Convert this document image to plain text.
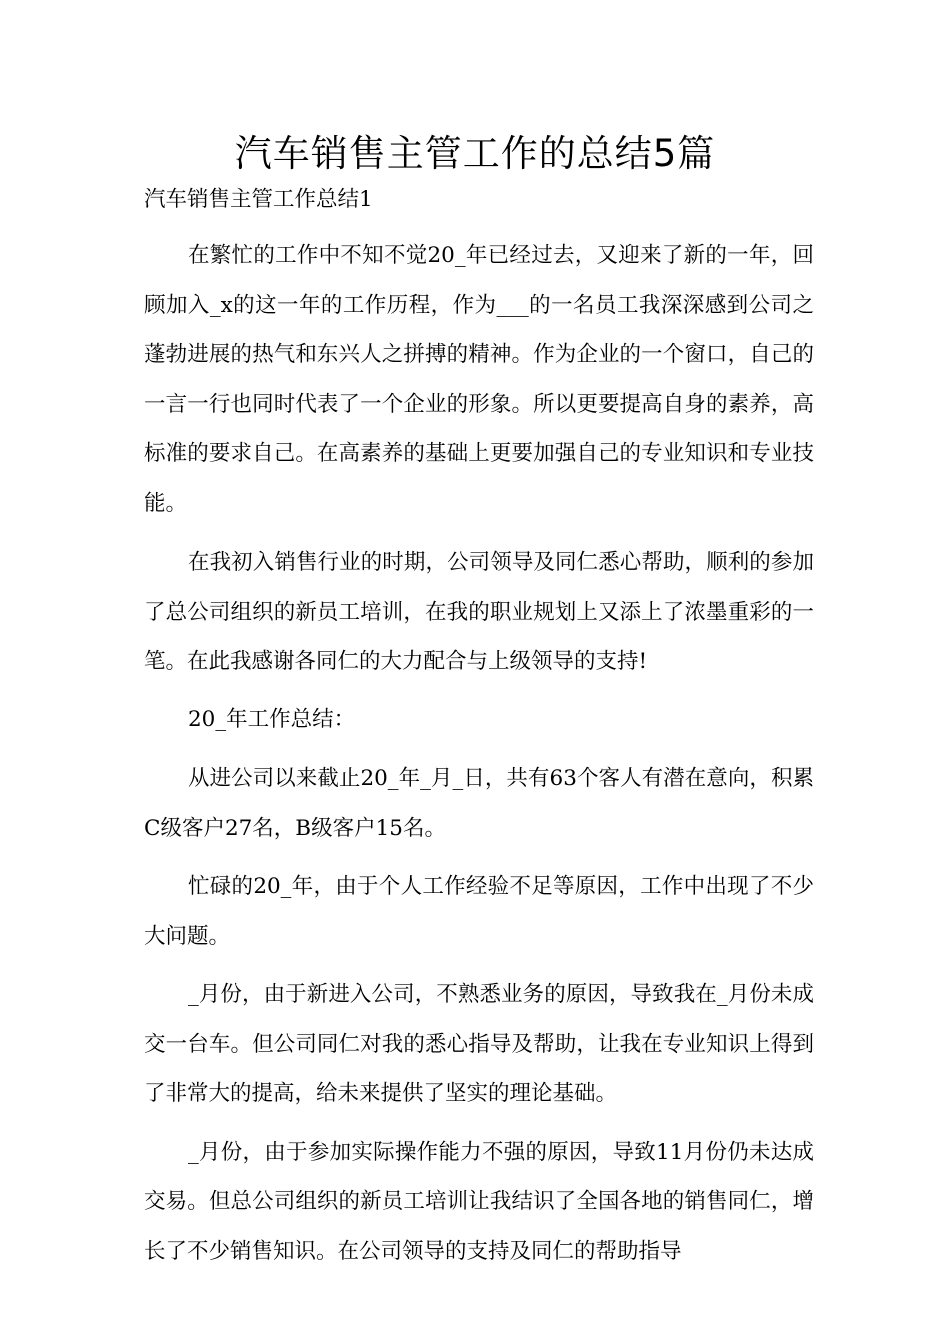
汽车销售主管工作的总结5篇

汽车销售主管工作总结1

在繁忙的工作中不知不觉20_年已经过去，又迎来了新的一年，回顾加入_x的这一年的工作历程，作为___的一名员工我深深感到公司之蓬勃进展的热气和东兴人之拼搏的精神。作为企业的一个窗口，自己的一言一行也同时代表了一个企业的形象。所以更要提高自身的素养，高标准的要求自己。在高素养的基础上更要加强自己的专业知识和专业技能。

在我初入销售行业的时期，公司领导及同仁悉心帮助，顺利的参加了总公司组织的新员工培训，在我的职业规划上又添上了浓墨重彩的一笔。在此我感谢各同仁的大力配合与上级领导的支持!

20_年工作总结：

从进公司以来截止20_年_月_日，共有63个客人有潜在意向，积累C级客户27名，B级客户15名。

忙碌的20_年，由于个人工作经验不足等原因，工作中出现了不少大问题。

_月份，由于新进入公司，不熟悉业务的原因，导致我在_月份未成交一台车。但公司同仁对我的悉心指导及帮助，让我在专业知识上得到了非常大的提高，给未来提供了坚实的理论基础。

_月份，由于参加实际操作能力不强的原因，导致11月份仍未达成交易。但总公司组织的新员工培训让我结识了全国各地的销售同仁，增长了不少销售知识。在公司领导的支持及同仁的帮助指导
